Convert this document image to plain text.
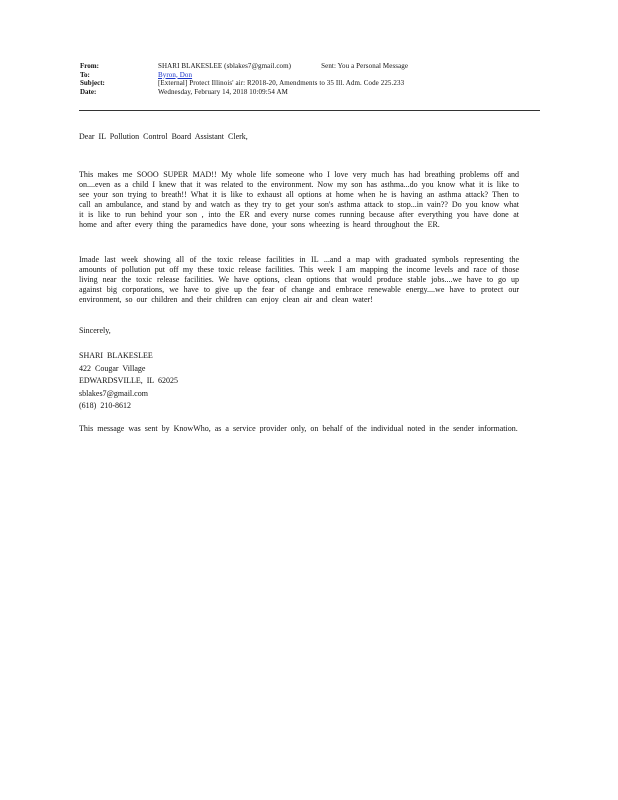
From:	SHARI BLAKESLEE (sblakes7@gmail.com)	Sent: You a Personal Message
To:	Byron, Don
Subject:	[External] Protect Illinois' air: R2018-20, Amendments to 35 Ill. Adm. Code 225.233
Date:	Wednesday, February 14, 2018 10:09:54 AM
Dear IL Pollution Control Board Assistant Clerk,
This makes me SOOO SUPER MAD!! My whole life someone who I love very much has had breathing problems off and on....even as a child I knew that it was related to the environment. Now my son has asthma...do you know what it is like to see your son trying to breath!! What it is like to exhaust all options at home when he is having an asthma attack? Then to call an ambulance, and stand by and watch as they try to get your son's asthma attack to stop...in vain?? Do you know what it is like to run behind your son , into the ER and every nurse comes running because after everything you have done at home and after every thing the paramedics have done, your sons wheezing is heard throughout the ER.
Imade last week showing all of the toxic release facilities in IL ...and a map with graduated symbols representing the amounts of pollution put off my these toxic release facilities. This week I am mapping the income levels and race of those living near the toxic release facilities. We have options, clean options that would produce stable jobs....we have to go up against big corporations, we have to give up the fear of change and embrace renewable energy....we have to protect our environment, so our children and their children can enjoy clean air and clean water!
Sincerely,

SHARI BLAKESLEE

422 Cougar Village

EDWARDSVILLE, IL 62025

sblakes7@gmail.com

(618) 210-8612

This message was sent by KnowWho, as a service provider only, on behalf of the individual noted in the sender information.
